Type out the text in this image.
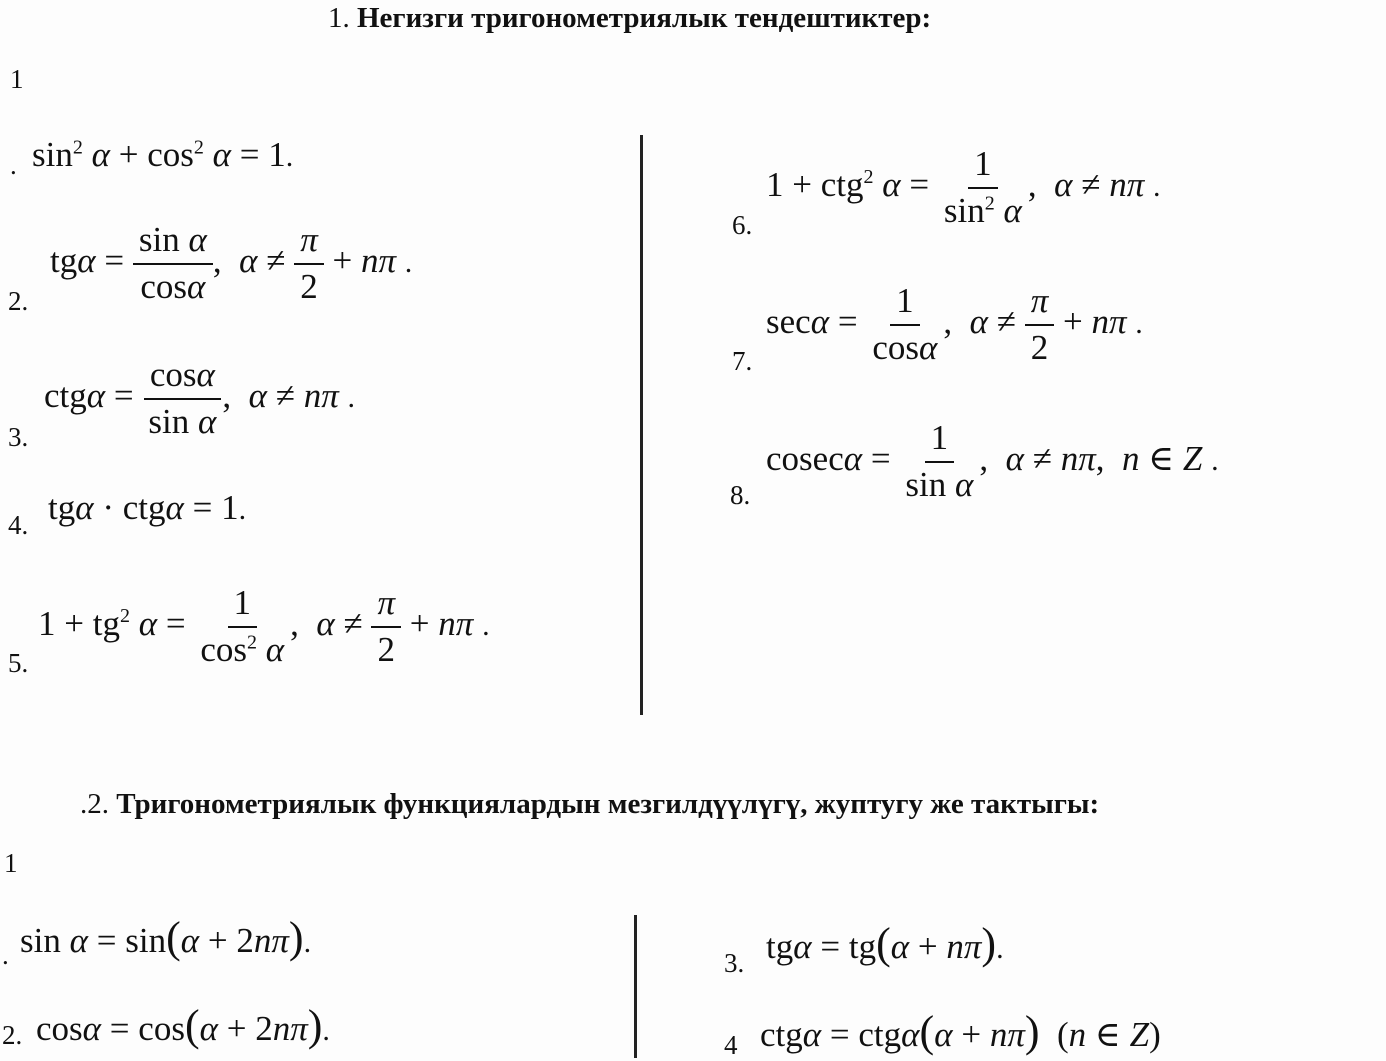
1. Негизги тригонометриялык тендештиктер:
1
. $\sin^2 \alpha + \cos^2 \alpha = 1$.
2.
$tg\alpha = \frac{\text{sin α}}{\cos\alpha}$ , $\alpha \ne \frac{\pi}{2} + n\pi$ .
3.
$ctg\alpha = \frac{\cos\alpha}{\text{sin α}}$ , α ≠ nπ .
4. tgα · ctgα = 1.
5.
$1 + tg^2$ $\alpha = \frac{1}{\cos^2 \alpha}$ , $\alpha \ne \frac{\pi}{2} + n\pi$ .
6.
1 + ctg$^2$ $\alpha = \frac{1}{\sin^2 \alpha}$ , α ≠ nπ .
7.
$\sec\alpha = \frac{1}{\cos\alpha}$ , $\alpha \ne \frac{\pi}{2} + n\pi$ .
8.
$cosec\alpha = \frac{1}{\text{sin α}}$ , α ≠ nπ, n ∈ Z .
.2. Тригонометриялык функциялардын мезгилдүүлүгү, жуптугу же тактыгы:
1
. sin α = sin(α + 2nπ).
2. cosα = cos(α + 2nπ).
3. tgα = tg(α + nπ).
4 ctgα = ctgα(α + nπ) (n ∈ Z)
